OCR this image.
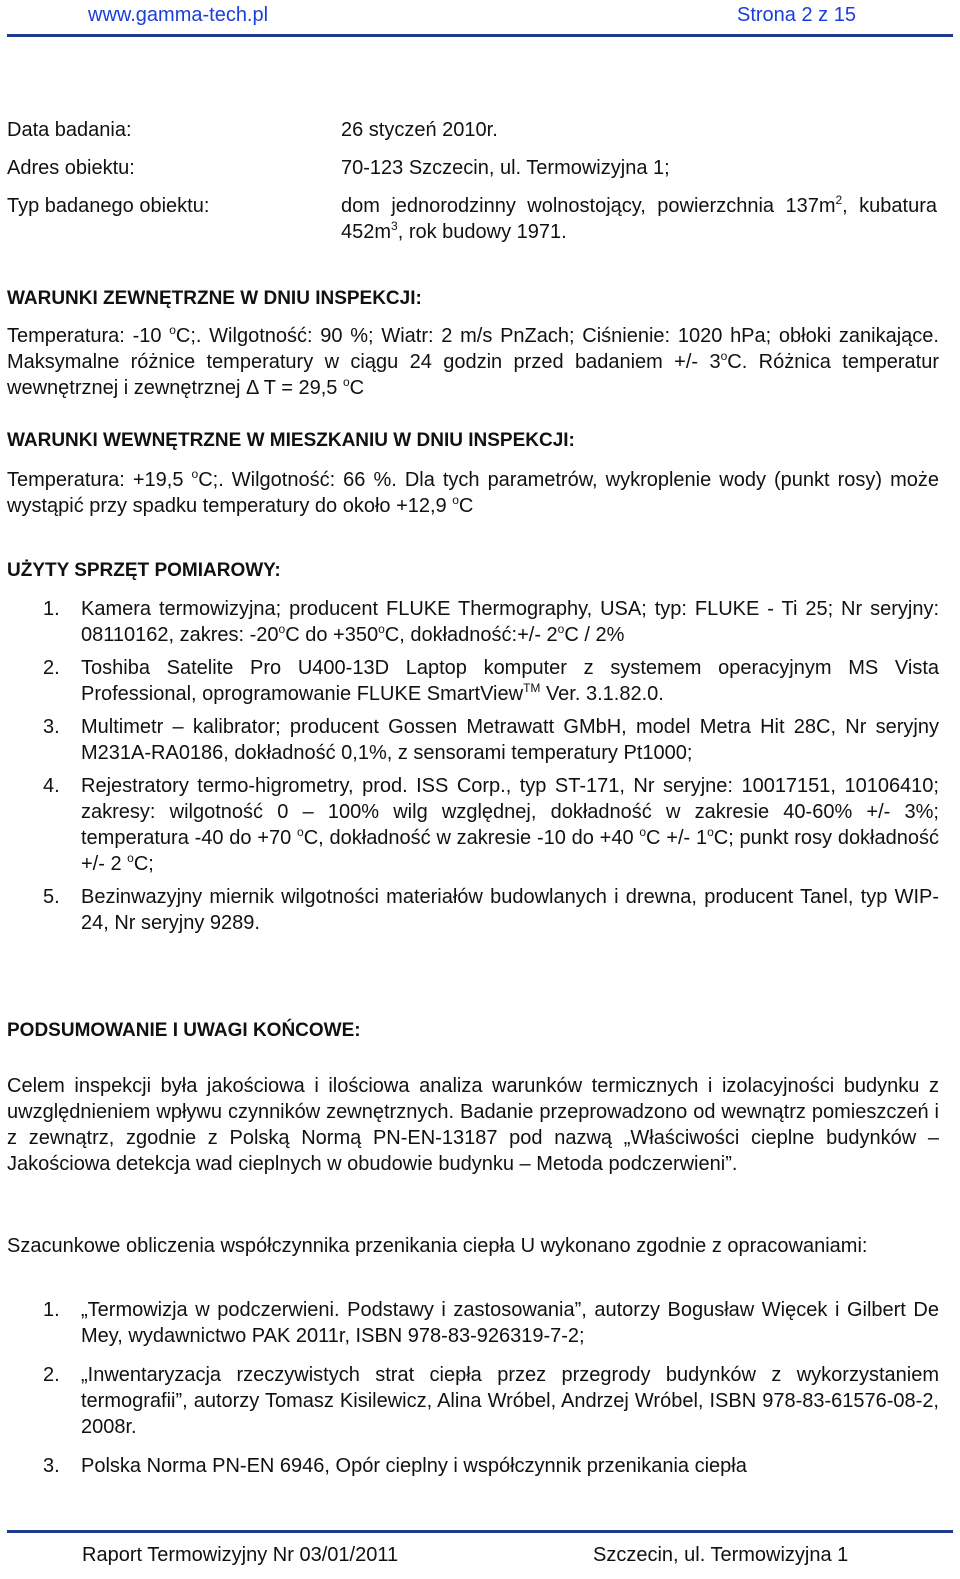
www.gamma-tech.pl	Strona 2 z 15
Data badania:	26 styczeń 2010r.
Adres obiektu:	70-123 Szczecin, ul. Termowizyjna 1;
Typ badanego obiektu:	dom jednorodzinny wolnostojący, powierzchnia $137m^2$, kubatura $452m^3$, rok budowy 1971.
WARUNKI ZEWNĘTRZNE W DNIU INSPEKCJI:
Temperatura: -10 $^o$C;. Wilgotność: 90 %; Wiatr: 2 m/s PnZach; Ciśnienie: 1020 hPa; obłoki zanikające. Maksymalne różnice temperatury w ciągu 24 godzin przed badaniem +/- 3$^o$C. Różnica temperatur wewnętrznej i zewnętrznej Δ T = 29,5 $^o$C
WARUNKI WEWNĘTRZNE W MIESZKANIU W DNIU INSPEKCJI:
Temperatura: +19,5 $^o$C;. Wilgotność: 66 %. Dla tych parametrów, wykroplenie wody (punkt rosy) może wystąpić przy spadku temperatury do około +12,9 $^o$C
UŻYTY SPRZĘT POMIAROWY:
1.	Kamera termowizyjna; producent FLUKE Thermography, USA; typ: FLUKE - Ti 25; Nr seryjny: 08110162, zakres: -20$^o$C do $+350^oC$, dokładność:+/- 2$^o$C / 2%
2.	Toshiba Satelite Pro U400-13D Laptop komputer z systemem operacyjnym MS Vista Professional, oprogramowanie FLUKE SmartView™ Ver. 3.1.82.0.
3.	Multimetr – kalibrator; producent Gossen Metrawatt GMbH, model Metra Hit 28C, Nr seryjny M231A-RA0186, dokładność 0,1%, z sensorami temperatury Pt1000;
4.	Rejestratory termo-higrometry, prod. ISS Corp., typ ST-171, Nr seryjne: 10017151, 10106410; zakresy: wilgotność 0 – 100% wilg względnej, dokładność w zakresie 40-60% +/- 3%; temperatura -40 do +70 $^o$C, dokładność w zakresie -10 do +40 $^o$C +/- 1$^o$C; punkt rosy dokładność +/- 2 $^o$C;
5.	Bezinwazyjny miernik wilgotności materiałów budowlanych i drewna, producent Tanel, typ WIP-24, Nr seryjny 9289.
PODSUMOWANIE I UWAGI KOŃCOWE:
Celem inspekcji była jakościowa i ilościowa analiza warunków termicznych i izolacyjności budynku z uwzględnieniem wpływu czynników zewnętrznych. Badanie przeprowadzono od wewnątrz pomieszczeń i z zewnątrz, zgodnie z Polską Normą PN-EN-13187 pod nazwą „Właściwości cieplne budynków – Jakościowa detekcja wad cieplnych w obudowie budynku – Metoda podczerwieni”.
Szacunkowe obliczenia współczynnika przenikania ciepła U wykonano zgodnie z opracowaniami:
1.	„Termowizja w podczerwieni. Podstawy i zastosowania”, autorzy Bogusław Więcek i Gilbert De Mey, wydawnictwo PAK 2011r, ISBN 978-83-926319-7-2;
2.	„Inwentaryzacja rzeczywistych strat ciepła przez przegrody budynków z wykorzystaniem termografii”, autorzy Tomasz Kisilewicz, Alina Wróbel, Andrzej Wróbel, ISBN 978-83-61576-08-2, 2008r.
3.	Polska Norma PN-EN 6946, Opór cieplny i współczynnik przenikania ciepła
Raport Termowizyjny Nr 03/01/2011	Szczecin, ul. Termowizyjna 1
